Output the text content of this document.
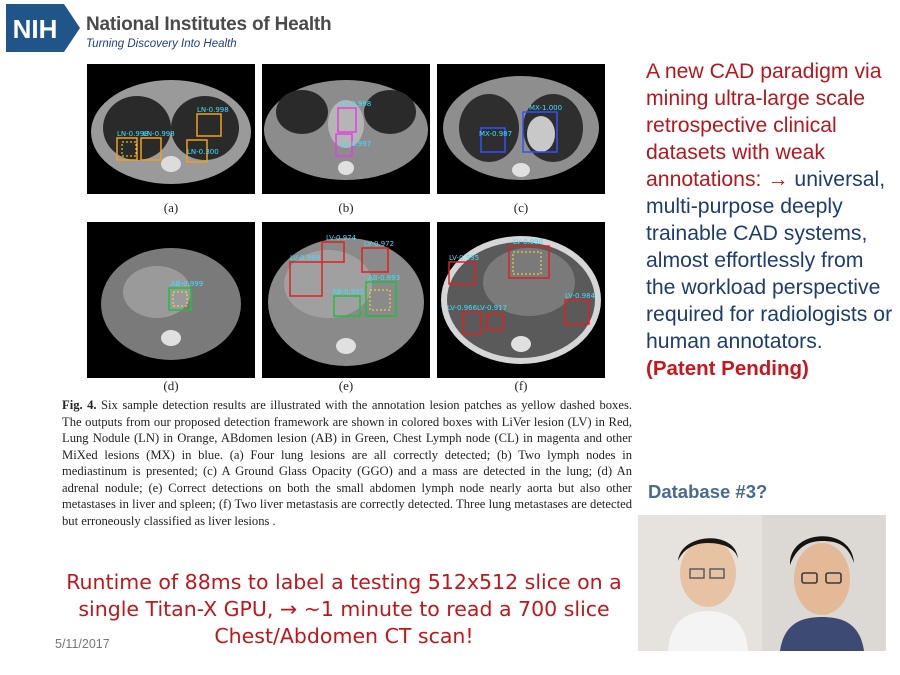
NIH National Institutes of Health
Turning Discovery Into Health
LN-0.998
LN-0.998
LN-0.998
LN-0.300
(a)
CL-0.998
CL-0.997
(b)
MX-1.000
MX-0.987
(c)
AB-0.999
(d)
LV-0.974
LV-0.972
LV-0.969
AB-0.893
AB-0.901
(e)
LV-0.998
LV-0.935
LV-0.917
LV-0.966
LV-0.984
(f)
Fig. 4. Six sample detection results are illustrated with the annotation lesion patches as yellow dashed boxes. The outputs from our proposed detection framework are shown in colored boxes with LiVer lesion (LV) in Red, Lung Nodule (LN) in Orange, ABdomen lesion (AB) in Green, Chest Lymph node (CL) in magenta and other MiXed lesions (MX) in blue. (a) Four lung lesions are all correctly detected; (b) Two lymph nodes in mediastinum is presented; (c) A Ground Glass Opacity (GGO) and a mass are detected in the lung; (d) An adrenal nodule; (e) Correct detections on both the small abdomen lymph node nearly aorta but also other metastases in liver and spleen; (f) Two liver metastasis are correctly detected. Three lung metastases are detected but erroneously classified as liver lesions .
Runtime of 88ms to label a testing 512x512 slice on a
single Titan-X GPU, → ~1 minute to read a 700 slice
Chest/Abdomen CT scan!
5/11/2017
A new CAD paradigm via mining ultra-large scale retrospective clinical datasets with weak annotations: → universal, multi-purpose deeply trainable CAD systems, almost effortlessly from the workload perspective required for radiologists or human annotators.
(Patent Pending)
Database #3?
